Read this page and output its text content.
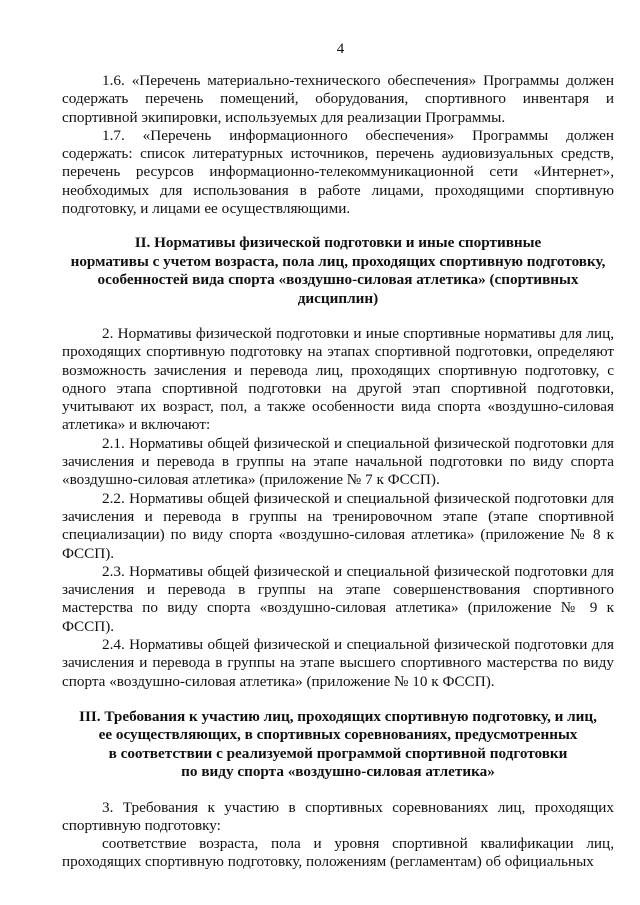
4

1.6. «Перечень материально-технического обеспечения» Программы должен содержать перечень помещений, оборудования, спортивного инвентаря и спортивной экипировки, используемых для реализации Программы.

1.7. «Перечень информационного обеспечения» Программы должен содержать: список литературных источников, перечень аудиовизуальных средств, перечень ресурсов информационно-телекоммуникационной сети «Интернет», необходимых для использования в работе лицами, проходящими спортивную подготовку, и лицами ее осуществляющими.

II. Нормативы физической подготовки и иные спортивные
нормативы с учетом возраста, пола лиц, проходящих спортивную подготовку,
особенностей вида спорта «воздушно-силовая атлетика» (спортивных
дисциплин)

2. Нормативы физической подготовки и иные спортивные нормативы для лиц, проходящих спортивную подготовку на этапах спортивной подготовки, определяют возможность зачисления и перевода лиц, проходящих спортивную подготовку, с одного этапа спортивной подготовки на другой этап спортивной подготовки, учитывают их возраст, пол, а также особенности вида спорта «воздушно-силовая атлетика» и включают:

2.1. Нормативы общей физической и специальной физической подготовки для зачисления и перевода в группы на этапе начальной подготовки по виду спорта «воздушно-силовая атлетика» (приложение № 7 к ФССП).

2.2. Нормативы общей физической и специальной физической подготовки для зачисления и перевода в группы на тренировочном этапе (этапе спортивной специализации) по виду спорта «воздушно-силовая атлетика» (приложение № 8 к ФССП).

2.3. Нормативы общей физической и специальной физической подготовки для зачисления и перевода в группы на этапе совершенствования спортивного мастерства по виду спорта «воздушно-силовая атлетика» (приложение № 9 к ФССП).

2.4. Нормативы общей физической и специальной физической подготовки для зачисления и перевода в группы на этапе высшего спортивного мастерства по виду спорта «воздушно-силовая атлетика» (приложение № 10 к ФССП).

III. Требования к участию лиц, проходящих спортивную подготовку, и лиц,
ее осуществляющих, в спортивных соревнованиях, предусмотренных
в соответствии с реализуемой программой спортивной подготовки
по виду спорта «воздушно-силовая атлетика»

3. Требования к участию в спортивных соревнованиях лиц, проходящих спортивную подготовку:

соответствие возраста, пола и уровня спортивной квалификации лиц, проходящих спортивную подготовку, положениям (регламентам) об официальных
